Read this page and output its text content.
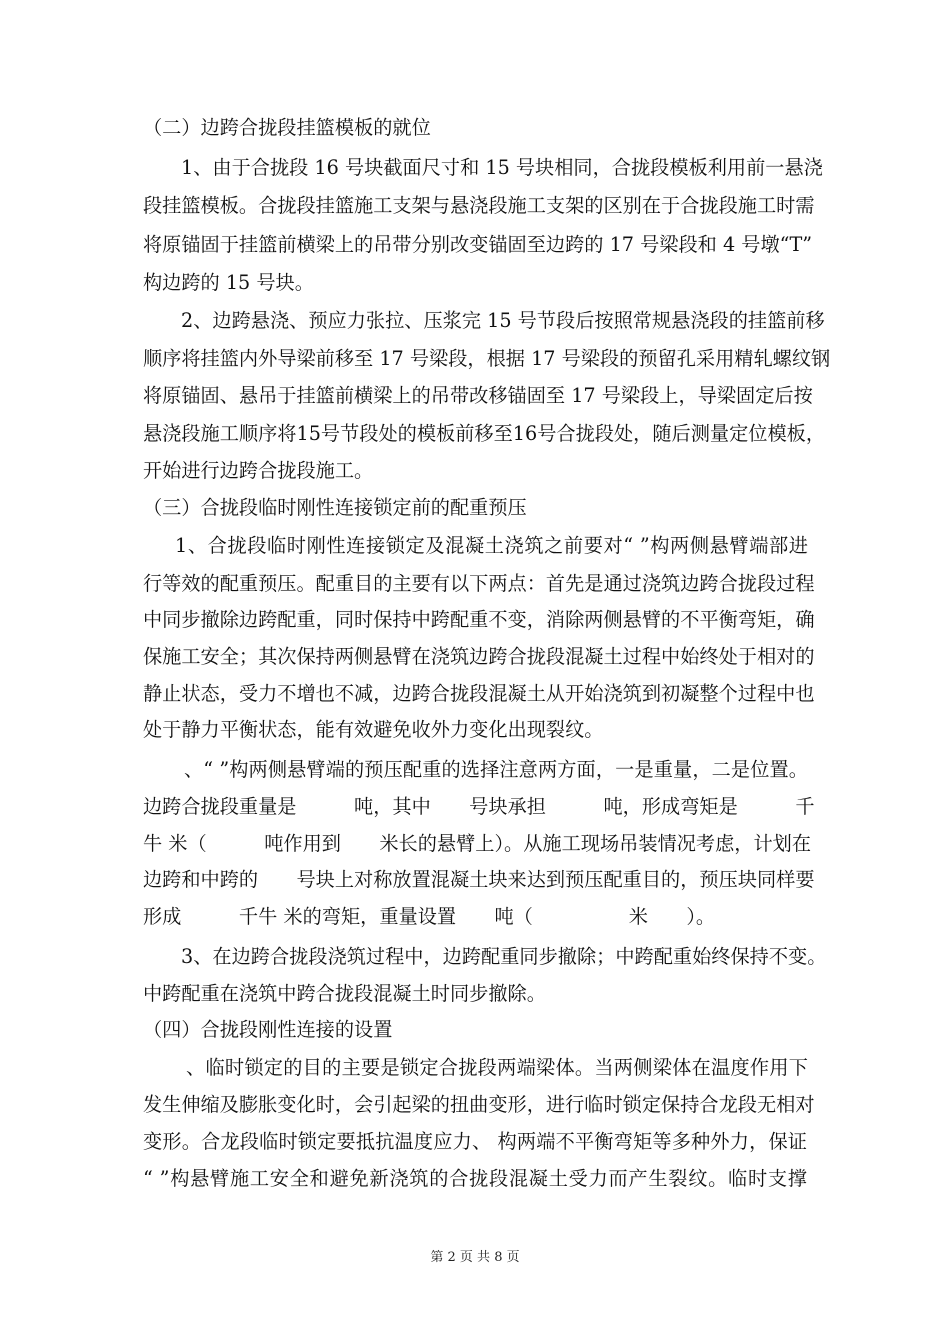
（二）边跨合拢段挂篮模板的就位

1、由于合拢段 16 号块截面尺寸和 15 号块相同，合拢段模板利用前一悬浇

段挂篮模板。合拢段挂篮施工支架与悬浇段施工支架的区别在于合拢段施工时需

将原锚固于挂篮前横梁上的吊带分别改变锚固至边跨的 17 号梁段和 4 号墩“T”

构边跨的 15 号块。

2、边跨悬浇、预应力张拉、压浆完 15 号节段后按照常规悬浇段的挂篮前移

顺序将挂篮内外导梁前移至 17 号梁段，根据 17 号梁段的预留孔采用精轧螺纹钢

将原锚固、悬吊于挂篮前横梁上的吊带改移锚固至 17 号梁段上，导梁固定后按

悬浇段施工顺序将15号节段处的模板前移至16号合拢段处，随后测量定位模板，

开始进行边跨合拢段施工。

（三）合拢段临时刚性连接锁定前的配重预压

1、合拢段临时刚性连接锁定及混凝土浇筑之前要对“ ”构两侧悬臂端部进

行等效的配重预压。配重目的主要有以下两点：首先是通过浇筑边跨合拢段过程

中同步撤除边跨配重，同时保持中跨配重不变，消除两侧悬臂的不平衡弯矩，确

保施工安全；其次保持两侧悬臂在浇筑边跨合拢段混凝土过程中始终处于相对的

静止状态，受力不增也不减，边跨合拢段混凝土从开始浇筑到初凝整个过程中也

处于静力平衡状态，能有效避免收外力变化出现裂纹。

、“ ”构两侧悬臂端的预压配重的选择注意两方面，一是重量，二是位置。

边跨合拢段重量是　　　吨，其中　　号块承担　　　吨，形成弯矩是　　　千

牛 米（　　　吨作用到　　米长的悬臂上）。从施工现场吊装情况考虑，计划在

边跨和中跨的　　号块上对称放置混凝土块来达到预压配重目的，预压块同样要

形成　　　千牛 米的弯矩，重量设置　　吨（　　　　　米　　）。

3、在边跨合拢段浇筑过程中，边跨配重同步撤除；中跨配重始终保持不变。

中跨配重在浇筑中跨合拢段混凝土时同步撤除。

（四）合拢段刚性连接的设置

、临时锁定的目的主要是锁定合拢段两端梁体。当两侧梁体在温度作用下

发生伸缩及膨胀变化时，会引起梁的扭曲变形，进行临时锁定保持合龙段无相对

变形。合龙段临时锁定要抵抗温度应力、 构两端不平衡弯矩等多种外力，保证

“ ”构悬臂施工安全和避免新浇筑的合拢段混凝土受力而产生裂纹。临时支撑

第 2 页 共 8 页
